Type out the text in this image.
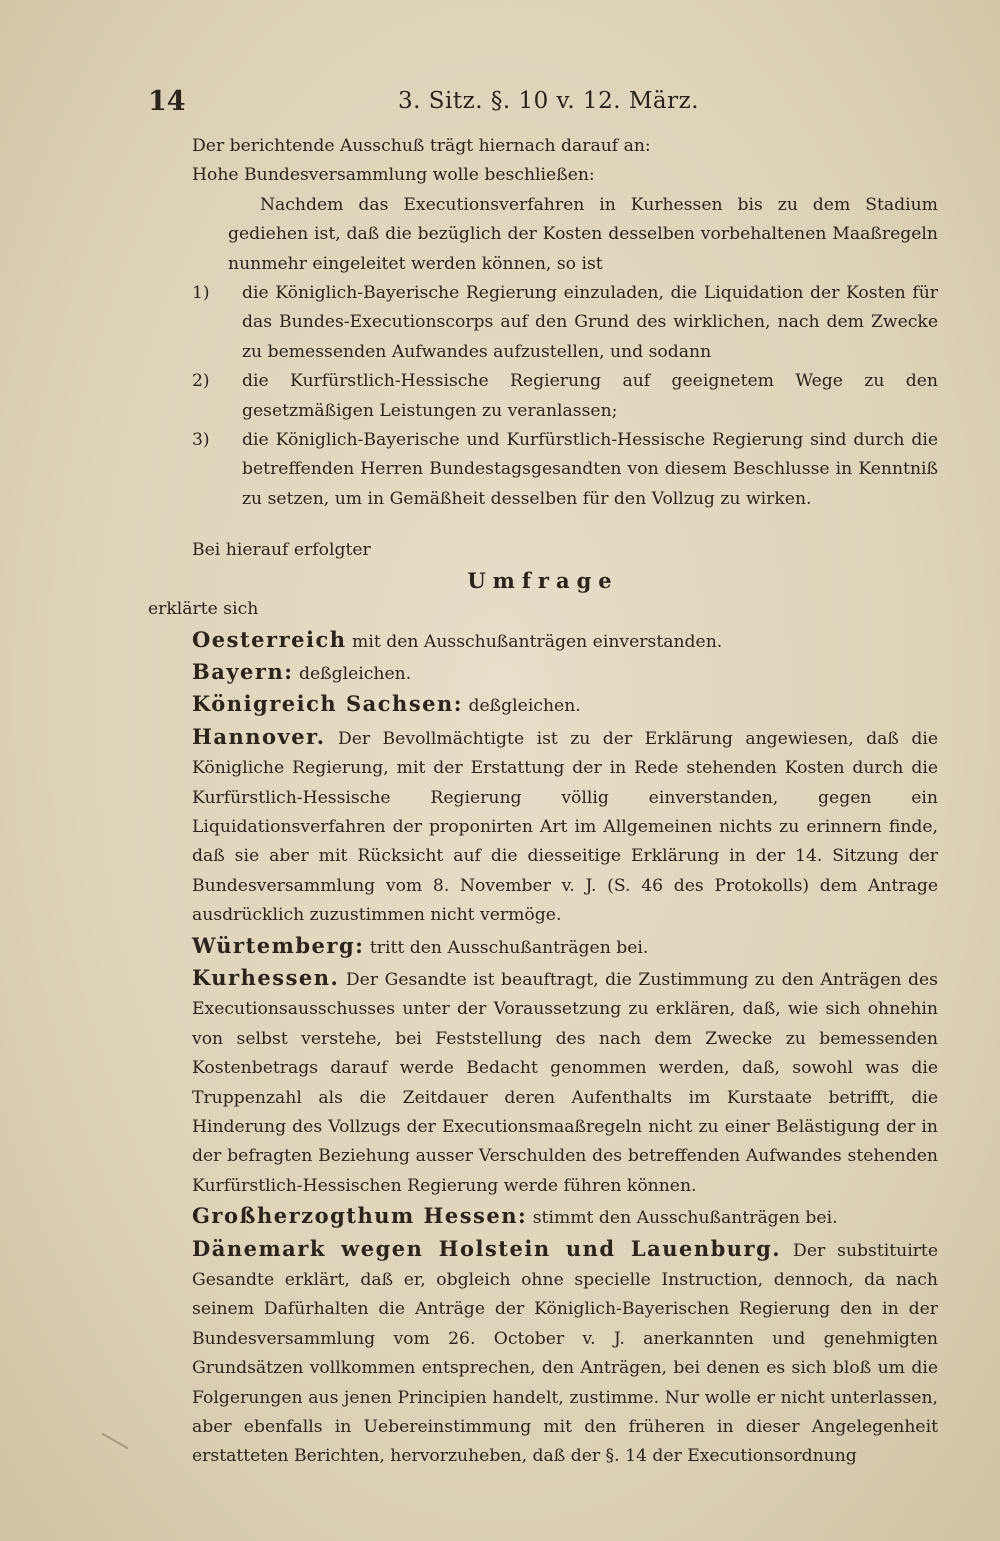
14	3. Sitz. §. 10 v. 12. März.

Der berichtende Ausschuß trägt hiernach darauf an:

Hohe Bundesversammlung wolle beschließen:

Nachdem das Executionsverfahren in Kurhessen bis zu dem Stadium gediehen ist, daß die bezüglich der Kosten desselben vorbehaltenen Maaßregeln nunmehr eingeleitet werden können, so ist

1)	die Königlich-Bayerische Regierung einzuladen, die Liquidation der Kosten für das Bundes-Executionscorps auf den Grund des wirklichen, nach dem Zwecke zu bemessenden Aufwandes aufzustellen, und sodann
2)	die Kurfürstlich-Hessische Regierung auf geeignetem Wege zu den gesetzmäßigen Leistungen zu veranlassen;
3)	die Königlich-Bayerische und Kurfürstlich-Hessische Regierung sind durch die betreffenden Herren Bundestagsgesandten von diesem Beschlusse in Kenntniß zu setzen, um in Gemäßheit desselben für den Vollzug zu wirken.

Bei hierauf erfolgter

Umfrage

erklärte sich

Oesterreich mit den Ausschußanträgen einverstanden.

Bayern: deßgleichen.

Königreich Sachsen: deßgleichen.

Hannover. Der Bevollmächtigte ist zu der Erklärung angewiesen, daß die Königliche Regierung, mit der Erstattung der in Rede stehenden Kosten durch die Kurfürstlich-Hessische Regierung völlig einverstanden, gegen ein Liquidationsverfahren der proponirten Art im Allgemeinen nichts zu erinnern finde, daß sie aber mit Rücksicht auf die diesseitige Erklärung in der 14. Sitzung der Bundesversammlung vom 8. November v. J. (S. 46 des Protokolls) dem Antrage ausdrücklich zuzustimmen nicht vermöge.

Würtemberg: tritt den Ausschußanträgen bei.

Kurhessen. Der Gesandte ist beauftragt, die Zustimmung zu den Anträgen des Executionsausschusses unter der Voraussetzung zu erklären, daß, wie sich ohnehin von selbst verstehe, bei Feststellung des nach dem Zwecke zu bemessenden Kostenbetrags darauf werde Bedacht genommen werden, daß, sowohl was die Truppenzahl als die Zeitdauer deren Aufenthalts im Kurstaate betrifft, die Hinderung des Vollzugs der Executionsmaaßregeln nicht zu einer Belästigung der in der befragten Beziehung ausser Verschulden des betreffenden Aufwandes stehenden Kurfürstlich-Hessischen Regierung werde führen können.

Großherzogthum Hessen: stimmt den Ausschußanträgen bei.

Dänemark wegen Holstein und Lauenburg. Der substituirte Gesandte erklärt, daß er, obgleich ohne specielle Instruction, dennoch, da nach seinem Dafürhalten die Anträge der Königlich-Bayerischen Regierung den in der Bundesversammlung vom 26. October v. J. anerkannten und genehmigten Grundsätzen vollkommen entsprechen, den Anträgen, bei denen es sich bloß um die Folgerungen aus jenen Principien handelt, zustimme. Nur wolle er nicht unterlassen, aber ebenfalls in Uebereinstimmung mit den früheren in dieser Angelegenheit erstatteten Berichten, hervorzuheben, daß der §. 14 der Executionsordnung
